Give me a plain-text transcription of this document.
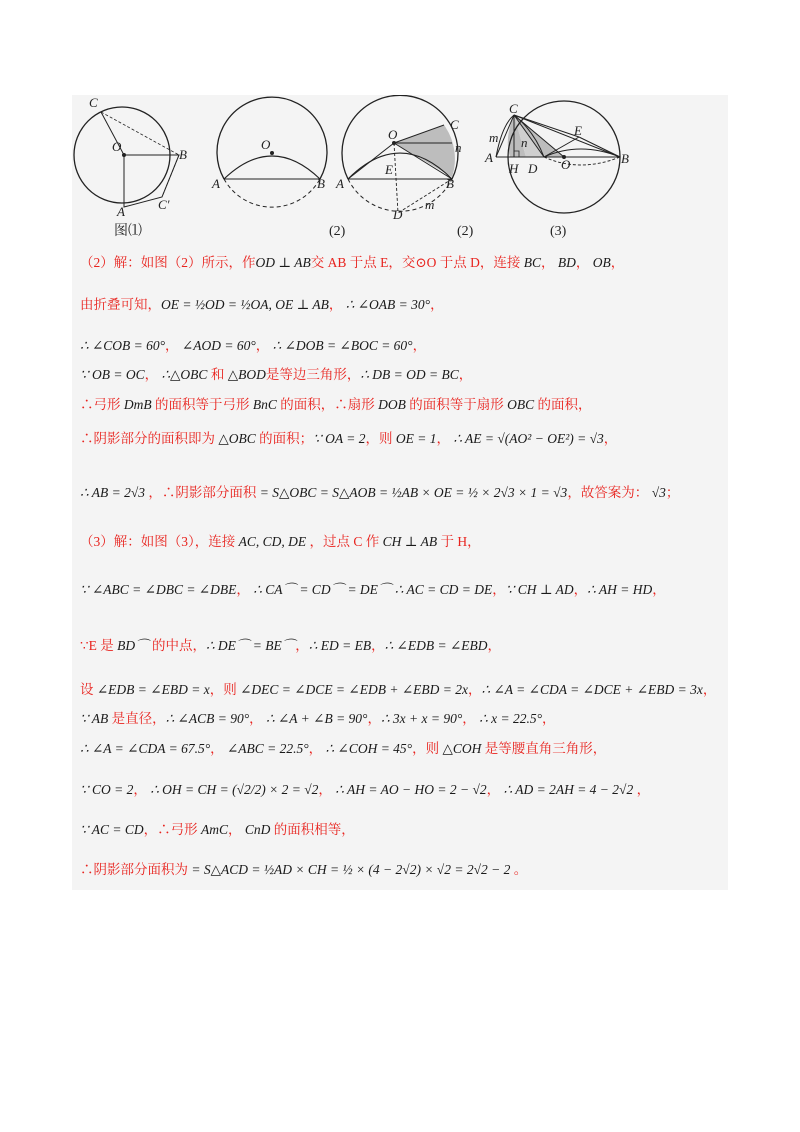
C
O
B
A	C′
图⑴
O
A	B
(2)
O
C
n
A	B
E
D
m
(2)
C
E
m n
A
H D O	B
(3)
（2）解：如图（2）所示，作OD ⊥ AB交 AB 于点 E，交⊙O 于点 D，连接 BC， BD， OB，
由折叠可知，OE = ½OD = ½OA, OE ⊥ AB， ∴ ∠OAB = 30°，
∴ ∠COB = 60°， ∠AOD = 60°， ∴ ∠DOB = ∠BOC = 60°，
∵ OB = OC， ∴△OBC 和 △BOD是等边三角形，∴ DB = OD = BC，
∴弓形 DmB 的面积等于弓形 BnC 的面积，∴扇形 DOB 的面积等于扇形 OBC 的面积，
∴阴影部分的面积即为 △OBC 的面积；∵ OA = 2，则 OE = 1， ∴ AE = √(AO² − OE²) = √3，
∴ AB = 2√3 ，∴阴影部分面积 = S△OBC = S△AOB = ½AB × OE = ½ × 2√3 × 1 = √3，故答案为： √3；
（3）解：如图（3），连接 AC, CD, DE ，过点 C 作 CH ⊥ AB 于 H，
∵ ∠ABC = ∠DBC = ∠DBE， ∴ CA⌒ = CD⌒ = DE⌒ ∴ AC = CD = DE，∵ CH ⊥ AD，∴ AH = HD，
∵E 是 BD⌒ 的中点，∴ DE⌒ = BE⌒，∴ ED = EB，∴ ∠EDB = ∠EBD，
设 ∠EDB = ∠EBD = x，则 ∠DEC = ∠DCE = ∠EDB + ∠EBD = 2x，∴ ∠A = ∠CDA = ∠DCE + ∠EBD = 3x，
∵ AB 是直径，∴ ∠ACB = 90°， ∴ ∠A + ∠B = 90°，∴ 3x + x = 90°， ∴ x = 22.5°，
∴ ∠A = ∠CDA = 67.5°， ∠ABC = 22.5°， ∴ ∠COH = 45°，则 △COH 是等腰直角三角形，
∵ CO = 2， ∴ OH = CH = (√2/2) × 2 = √2， ∴ AH = AO − HO = 2 − √2， ∴ AD = 2AH = 4 − 2√2 ，
∵ AC = CD，∴弓形 AmC， CnD 的面积相等，
∴阴影部分面积为 = S△ACD = ½AD × CH = ½ × (4 − 2√2) × √2 = 2√2 − 2 。
